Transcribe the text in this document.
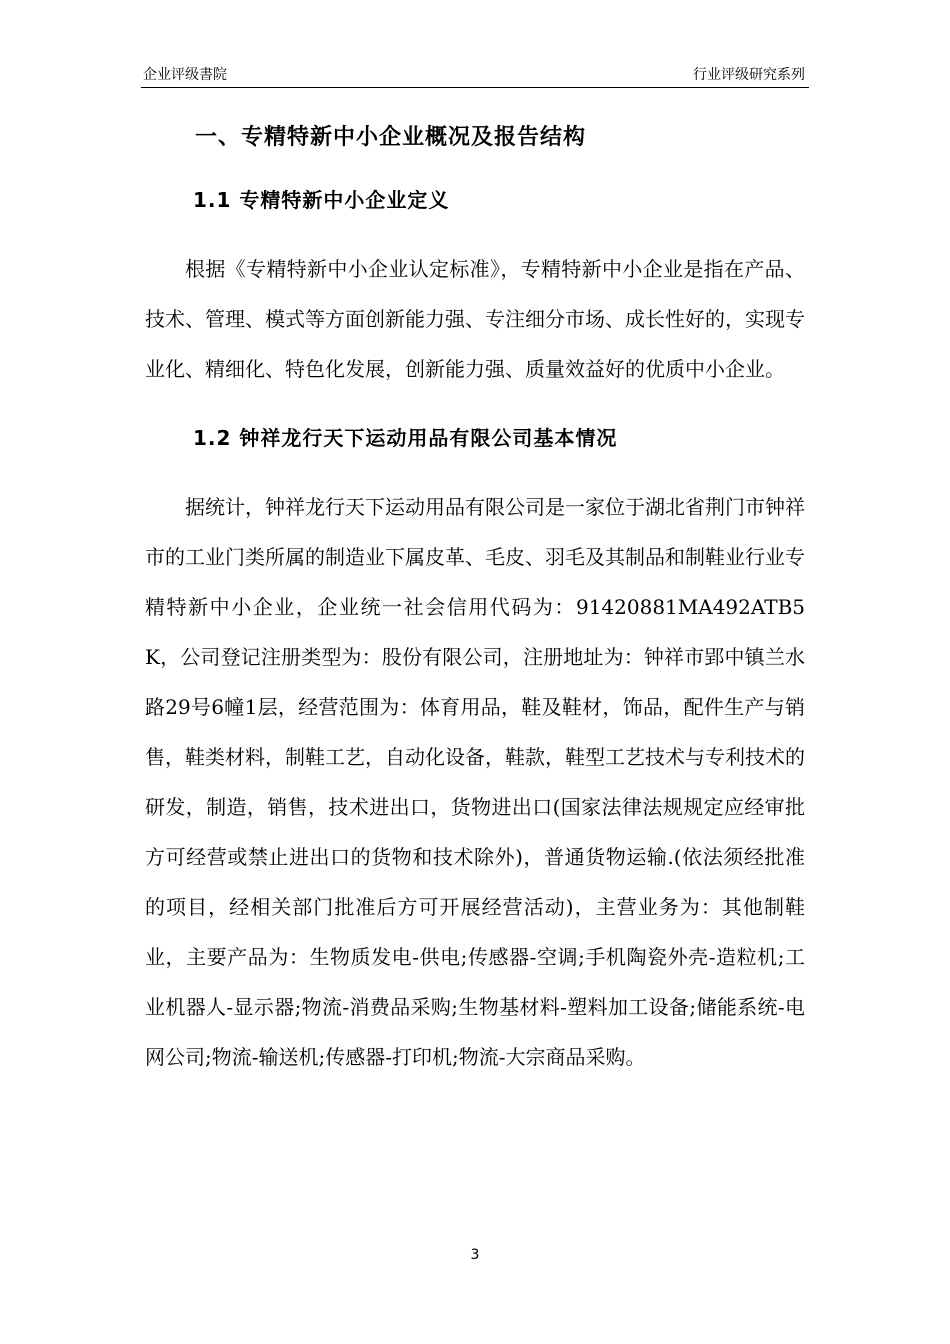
企业评级書院	行业评级研究系列
一、专精特新中小企业概况及报告结构
1.1 专精特新中小企业定义

根据《专精特新中小企业认定标准》，专精特新中小企业是指在产品、技术、管理、模式等方面创新能力强、专注细分市场、成长性好的，实现专业化、精细化、特色化发展，创新能力强、质量效益好的优质中小企业。

1.2 钟祥龙行天下运动用品有限公司基本情况

据统计，钟祥龙行天下运动用品有限公司是一家位于湖北省荆门市钟祥市的工业门类所属的制造业下属皮革、毛皮、羽毛及其制品和制鞋业行业专精特新中小企业，企业统一社会信用代码为：91420881MA492ATB5K，公司登记注册类型为：股份有限公司，注册地址为：钟祥市郢中镇兰水路29号6幢1层，经营范围为：体育用品，鞋及鞋材，饰品，配件生产与销售，鞋类材料，制鞋工艺，自动化设备，鞋款，鞋型工艺技术与专利技术的研发，制造，销售，技术进出口，货物进出口(国家法律法规规定应经审批方可经营或禁止进出口的货物和技术除外)，普通货物运输.(依法须经批准的项目，经相关部门批准后方可开展经营活动)，主营业务为：其他制鞋业，主要产品为：生物质发电-供电;传感器-空调;手机陶瓷外壳-造粒机;工业机器人-显示器;物流-消费品采购;生物基材料-塑料加工设备;储能系统-电网公司;物流-输送机;传感器-打印机;物流-大宗商品采购。

3
